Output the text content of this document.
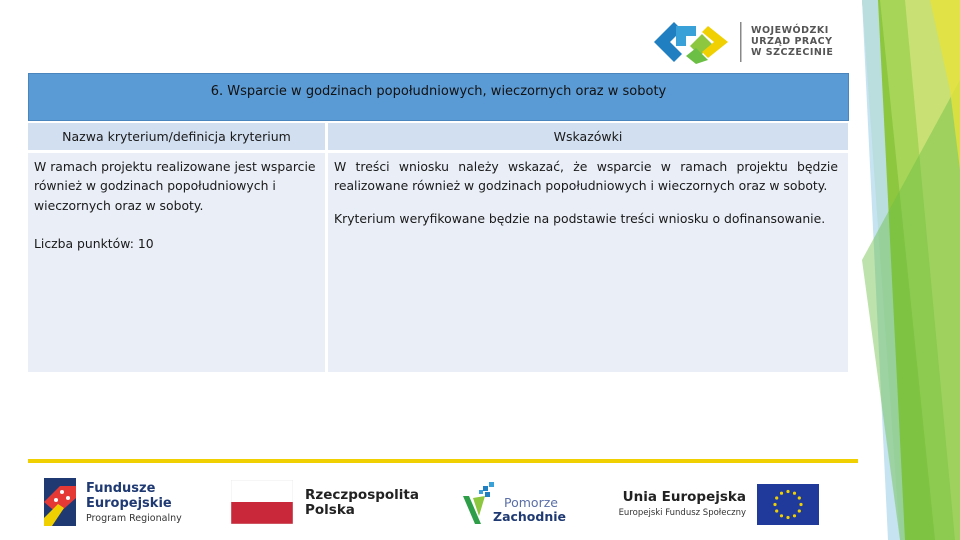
WOJEWÓDZKI
URZĄD PRACY
W SZCZECINIE
6. Wsparcie w godzinach popołudniowych, wieczornych oraz w soboty
Nazwa kryterium/definicja kryterium	Wskazówki

W ramach projektu realizowane jest wsparcie również w godzinach popołudniowych i wieczornych oraz w soboty.

Liczba punktów: 10

W treści wniosku należy wskazać, że wsparcie w ramach projektu będzie realizowane również w godzinach popołudniowych i wieczornych oraz w soboty.

Kryterium weryfikowane będzie na podstawie treści wniosku o dofinansowanie.

Fundusze
Europejskie
Program Regionalny
Rzeczpospolita
Polska	Pomorze
Zachodnie
Unia Europejska
Europejski Fundusz Społeczny
